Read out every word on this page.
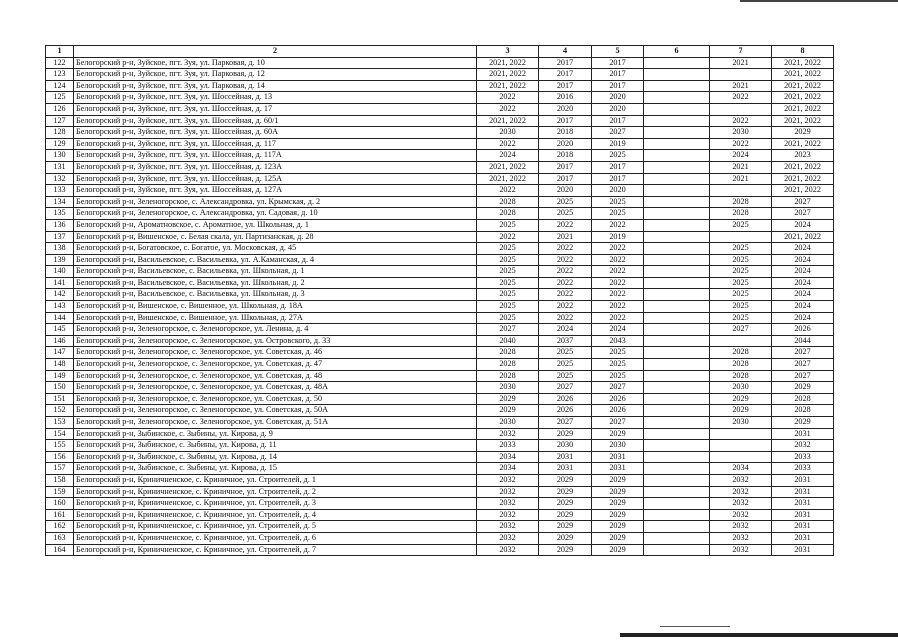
1	2	3	4	5	6	7	8
122	Белогорский р-н, Зуйское, пгт. Зуя, ул. Парковая, д. 10	2021, 2022	2017	2017		2021	2021, 2022
123	Белогорский р-н, Зуйское, пгт. Зуя, ул. Парковая, д. 12	2021, 2022	2017	2017			2021, 2022
124	Белогорский р-н, Зуйское, пгт. Зуя, ул. Парковая, д. 14	2021, 2022	2017	2017		2021	2021, 2022
125	Белогорский р-н, Зуйское, пгт. Зуя, ул. Шоссейная, д. 13	2022	2016	2020		2022	2021, 2022
126	Белогорский р-н, Зуйское, пгт. Зуя, ул. Шоссейная, д. 17	2022	2020	2020			2021, 2022
127	Белогорский р-н, Зуйское, пгт. Зуя, ул. Шоссейная, д. 60/1	2021, 2022	2017	2017		2022	2021, 2022
128	Белогорский р-н, Зуйское, пгт. Зуя, ул. Шоссейная, д. 60А	2030	2018	2027		2030	2029
129	Белогорский р-н, Зуйское, пгт. Зуя, ул. Шоссейная, д. 117	2022	2020	2019		2022	2021, 2022
130	Белогорский р-н, Зуйское, пгт. Зуя, ул. Шоссейная, д. 117А	2024	2018	2025		2024	2023
131	Белогорский р-н, Зуйское, пгт. Зуя, ул. Шоссейная, д. 123А	2021, 2022	2017	2017		2021	2021, 2022
132	Белогорский р-н, Зуйское, пгт. Зуя, ул. Шоссейная, д. 125А	2021, 2022	2017	2017		2021	2021, 2022
133	Белогорский р-н, Зуйское, пгт. Зуя, ул. Шоссейная, д. 127А	2022	2020	2020			2021, 2022
134	Белогорский р-н, Зеленогорское, с. Александровка, ул. Крымская, д. 2	2028	2025	2025		2028	2027
135	Белогорский р-н, Зеленогорское, с. Александровка, ул. Садовая, д. 10	2028	2025	2025		2028	2027
136	Белогорский р-н, Ароматновское, с. Ароматное, ул. Школьная, д. 1	2025	2022	2022		2025	2024
137	Белогорский р-н, Вишенское, с. Белая скала, ул. Партизанская, д. 28	2022	2021	2019			2021, 2022
138	Белогорский р-н, Богатовское, с. Богатое, ул. Московская, д. 45	2025	2022	2022		2025	2024
139	Белогорский р-н, Васильевское, с. Васильевка, ул. А.Каманская, д. 4	2025	2022	2022		2025	2024
140	Белогорский р-н, Васильевское, с. Васильевка, ул. Школьная, д. 1	2025	2022	2022		2025	2024
141	Белогорский р-н, Васильевское, с. Васильевка, ул. Школьная, д. 2	2025	2022	2022		2025	2024
142	Белогорский р-н, Васильевское, с. Васильевка, ул. Школьная, д. 3	2025	2022	2022		2025	2024
143	Белогорский р-н, Вишенское, с. Вишенное, ул. Школьная, д. 18А	2025	2022	2022		2025	2024
144	Белогорский р-н, Вишенское, с. Вишенное, ул. Школьная, д. 27А	2025	2022	2022		2025	2024
145	Белогорский р-н, Зеленогорское, с. Зеленогорское, ул. Ленина, д. 4	2027	2024	2024		2027	2026
146	Белогорский р-н, Зеленогорское, с. Зеленогорское, ул. Островского, д. 33	2040	2037	2043			2044
147	Белогорский р-н, Зеленогорское, с. Зеленогорское, ул. Советская, д. 46	2028	2025	2025		2028	2027
148	Белогорский р-н, Зеленогорское, с. Зеленогорское, ул. Советская, д. 47	2028	2025	2025		2028	2027
149	Белогорский р-н, Зеленогорское, с. Зеленогорское, ул. Советская, д. 48	2028	2025	2025		2028	2027
150	Белогорский р-н, Зеленогорское, с. Зеленогорское, ул. Советская, д. 48А	2030	2027	2027		2030	2029
151	Белогорский р-н, Зеленогорское, с. Зеленогорское, ул. Советская, д. 50	2029	2026	2026		2029	2028
152	Белогорский р-н, Зеленогорское, с. Зеленогорское, ул. Советская, д. 50А	2029	2026	2026		2029	2028
153	Белогорский р-н, Зеленогорское, с. Зеленогорское, ул. Советская, д. 51А	2030	2027	2027		2030	2029
154	Белогорский р-н, Зыбинское, с. Зыбины, ул. Кирова, д. 9	2032	2029	2029			2031
155	Белогорский р-н, Зыбинское, с. Зыбины, ул. Кирова, д. 11	2033	2030	2030			2032
156	Белогорский р-н, Зыбинское, с. Зыбины, ул. Кирова, д. 14	2034	2031	2031			2033
157	Белогорский р-н, Зыбинское, с. Зыбины, ул. Кирова, д. 15	2034	2031	2031		2034	2033
158	Белогорский р-н, Криничненское, с. Криничное, ул. Строителей, д. 1	2032	2029	2029		2032	2031
159	Белогорский р-н, Криничненское, с. Криничное, ул. Строителей, д. 2	2032	2029	2029		2032	2031
160	Белогорский р-н, Криничненское, с. Криничное, ул. Строителей, д. 3	2032	2029	2029		2032	2031
161	Белогорский р-н, Криничненское, с. Криничное, ул. Строителей, д. 4	2032	2029	2029		2032	2031
162	Белогорский р-н, Криничненское, с. Криничное, ул. Строителей, д. 5	2032	2029	2029		2032	2031
163	Белогорский р-н, Криничненское, с. Криничное, ул. Строителей, д. 6	2032	2029	2029		2032	2031
164	Белогорский р-н, Криничненское, с. Криничное, ул. Строителей, д. 7	2032	2029	2029		2032	2031
